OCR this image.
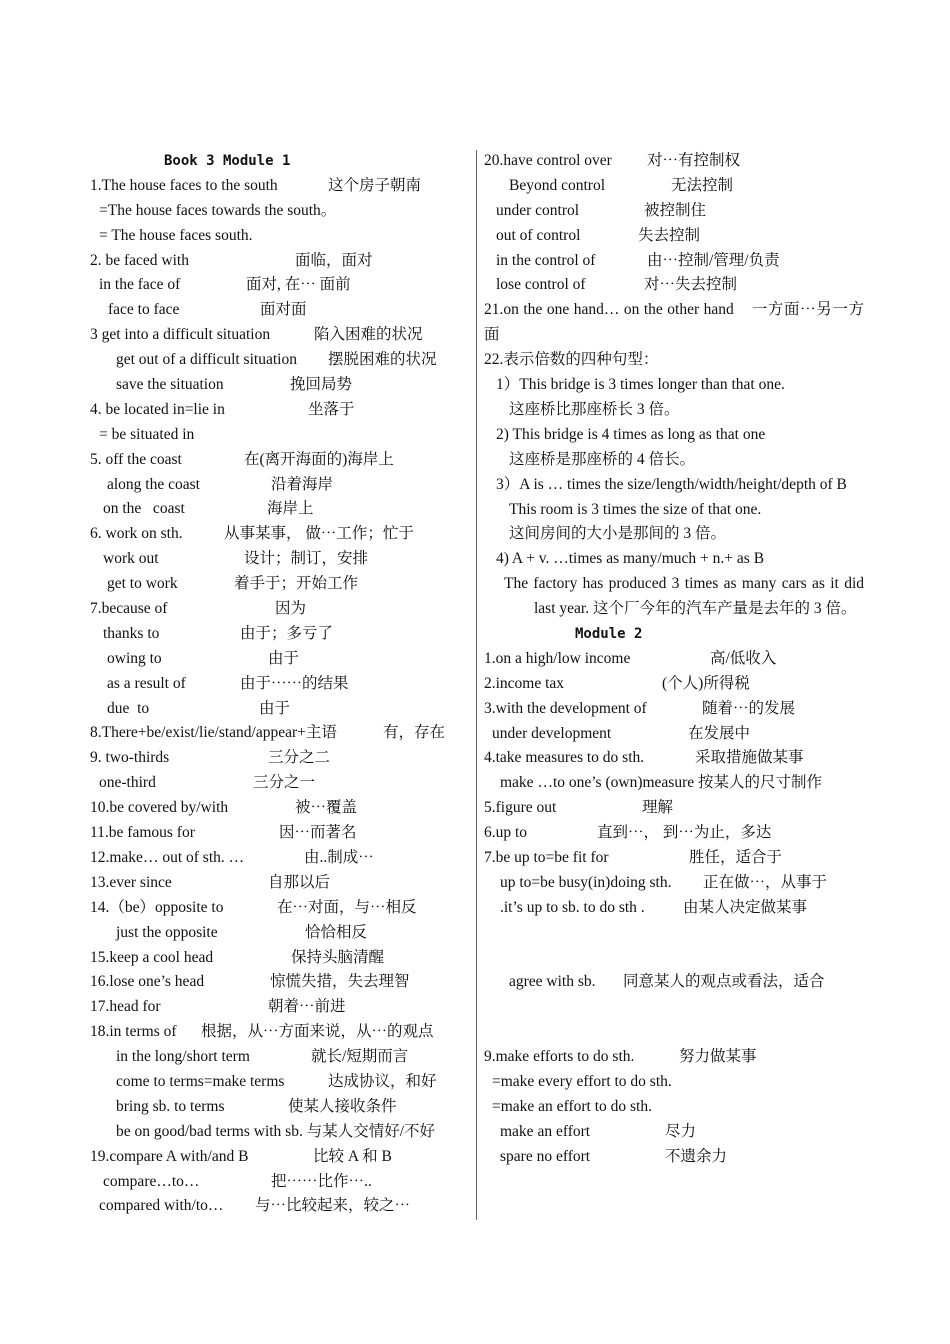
Book 3 Module 1
1.The house faces to the south	这个房子朝南
=The house faces towards the south。
= The house faces south.
2. be faced with	面临，面对
in the face of	面对, 在⋯ 面前
face to face	面对面
3 get into a difficult situation	陷入困难的状况
get out of a difficult situation 摆脱困难的状况
save the situation	挽回局势
4. be located in=lie in	坐落于
= be situated in
5. off the coast	在(离开海面的)海岸上
along the coast	沿着海岸
on the   coast	海岸上
6. work on sth.	从事某事， 做⋯工作；忙于
work out	设计；制订，安排
get to work	着手于；开始工作
7.because of	因为
thanks to	由于；多亏了
owing to	由于
as a result of	由于⋯⋯的结果
due  to	由于
8.There+be/exist/lie/stand/appear+主语	有，存在
9. two-thirds	三分之二
one-third	三分之一
10.be covered by/with	被⋯覆盖
11.be famous for	因⋯而著名
12.make… out of sth. …	由..制成⋯
13.ever since	自那以后
14.（be）opposite to	在⋯对面，与⋯相反
just the opposite	恰恰相反
15.keep a cool head	保持头脑清醒
16.lose one’s head	惊慌失措，失去理智
17.head for	朝着⋯前进
18.in terms of 根据，从⋯方面来说，从⋯的观点
in the long/short term	就长/短期而言
come to terms=make terms	达成协议，和好
bring sb. to terms	使某人接收条件
be on good/bad terms with sb. 与某人交情好/不好
19.compare A with/and B	比较 A 和 B
compare…to…	把⋯⋯比作⋯..
compared with/to… 与⋯比较起来，较之⋯
20.have control over 对⋯有控制权
Beyond control	无法控制
under control	被控制住
out of control	失去控制
in the control of	由⋯控制/管理/负责
lose control of	对⋯失去控制
21.on the one hand… on the other hand    一方面⋯另一方面
22.表示倍数的四种句型：
1）This bridge is 3 times longer than that one.
这座桥比那座桥长 3 倍。
2) This bridge is 4 times as long as that one
这座桥是那座桥的 4 倍长。
3）A is … times the size/length/width/height/depth of B
This room is 3 times the size of that one.
这间房间的大小是那间的 3 倍。
4) A + v. …times as many/much + n.+ as B
The factory has produced 3 times as many cars as it did last year. 这个厂今年的汽车产量是去年的 3 倍。
Module 2
1.on a high/low income	高/低收入
2.income tax	(个人)所得税
3.with the development of	随着⋯的发展
under development	在发展中
4.take measures to do sth.	采取措施做某事
make …to one’s (own)measure 按某人的尺寸制作
5.figure out	理解
6.up to	直到⋯， 到⋯为止，多达
7.be up to=be fit for	胜任，适合于
up to=be busy(in)doing sth. 正在做⋯，从事于
.it’s up to sb. to do sth . 由某人决定做某事
agree with sb. 同意某人的观点或看法，适合
9.make efforts to do sth.	努力做某事
=make every effort to do sth.
=make an effort to do sth.
make an effort	尽力
spare no effort	不遗余力
